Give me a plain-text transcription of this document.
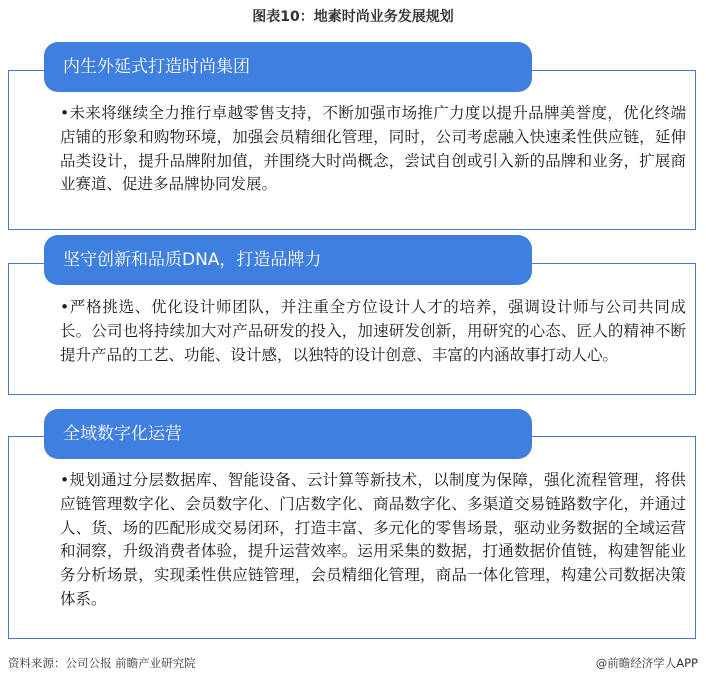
图表10：地素时尚业务发展规划
内生外延式打造时尚集团
•未来将继续全力推行卓越零售支持，不断加强市场推广力度以提升品牌美誉度，优化终端店铺的形象和购物环境，加强会员精细化管理，同时，公司考虑融入快速柔性供应链，延伸品类设计，提升品牌附加值，并围绕大时尚概念，尝试自创或引入新的品牌和业务，扩展商业赛道、促进多品牌协同发展。
坚守创新和品质DNA，打造品牌力
•严格挑选、优化设计师团队，并注重全方位设计人才的培养，强调设计师与公司共同成长。公司也将持续加大对产品研发的投入，加速研发创新，用研究的心态、匠人的精神不断提升产品的工艺、功能、设计感，以独特的设计创意、丰富的内涵故事打动人心。
全域数字化运营
•规划通过分层数据库、智能设备、云计算等新技术，以制度为保障，强化流程管理，将供应链管理数字化、会员数字化、门店数字化、商品数字化、多渠道交易链路数字化，并通过人、货、场的匹配形成交易闭环，打造丰富、多元化的零售场景，驱动业务数据的全域运营和洞察，升级消费者体验，提升运营效率。运用采集的数据，打通数据价值链，构建智能业务分析场景，实现柔性供应链管理，会员精细化管理，商品一体化管理，构建公司数据决策体系。
资料来源：公司公报 前瞻产业研究院	@前瞻经济学人APP
